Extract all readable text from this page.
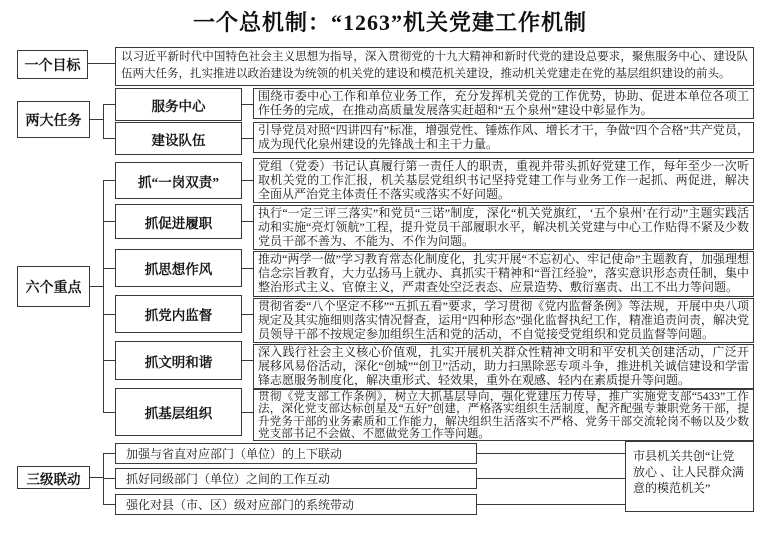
一个总机制：“1263”机关党建工作机制
一个目标
两大任务
六个重点
三级联动
以习近平新时代中国特色社会主义思想为指导，深入贯彻党的十九大精神和新时代党的建设总要求，聚焦服务中心、建设队伍两大任务，扎实推进以政治建设为统领的机关党的建设和模范机关建设，推动机关党建走在党的基层组织建设的前头。
服务中心
建设队伍
抓“一岗双责”
抓促进履职
抓思想作风
抓党内监督
抓文明和谐
抓基层组织
围绕市委中心工作和单位业务工作，充分发挥机关党的工作优势，协助、促进本单位各项工作任务的完成，在推动高质量发展落实赶超和“五个泉州”建设中彰显作为。
引导党员对照“四讲四有”标准，增强党性、锤炼作风、增长才干，争做“四个合格”共产党员，成为现代化泉州建设的先锋战士和主干力量。
党组（党委）书记认真履行第一责任人的职责，重视并带头抓好党建工作，每年至少一次听取机关党的工作汇报，机关基层党组织书记坚持党建工作与业务工作一起抓、两促进，解决全面从严治党主体责任不落实或落实不好问题。
执行“一定三评三落实”和党员“三诺”制度，深化“机关党旗红，‘五个泉州’在行动”主题实践活动和实施“亮灯领航”工程，提升党员干部履职水平，解决机关党建与中心工作贴得不紧及少数党员干部不善为、不能为、不作为问题。
推动“两学一做”学习教育常态化制度化，扎实开展“不忘初心、牢记使命”主题教育，加强理想信念宗旨教育，大力弘扬马上就办、真抓实干精神和“晋江经验”，落实意识形态责任制，集中整治形式主义、官僚主义，严肃查处空泛表态、应景造势、敷衍塞责、出工不出力等问题。
贯彻省委“八个坚定不移”“五抓五看”要求，学习贯彻《党内监督条例》等法规，开展中央八项规定及其实施细则落实情况督查，运用“四种形态”强化监督执纪工作，精准追责问责，解决党员领导干部不按规定参加组织生活和党的活动，不自觉接受党组织和党员监督等问题。
深入践行社会主义核心价值观，扎实开展机关群众性精神文明和平安机关创建活动，广泛开展移风易俗活动，深化“创城”“创卫”活动，助力扫黑除恶专项斗争，推进机关诚信建设和学雷锋志愿服务制度化，解决重形式、轻效果，重外在观感、轻内在素质提升等问题。
贯彻《党支部工作条例》，树立大抓基层导向，强化党建压力传导，推广实施党支部“5433”工作法，深化党支部达标创星及“五好”创建，严格落实组织生活制度，配齐配强专兼职党务干部，提升党务干部的业务素质和工作能力，解决组织生活落实不严格、党务干部交流轮岗不畅以及少数党支部书记不会做、不愿做党务工作等问题。
加强与省直对应部门（单位）的上下联动
抓好同级部门（单位）之间的工作互动
强化对县（市、区）级对应部门的系统带动
市县机关共创“让党放心 、让人民群众满意的模范机关”
